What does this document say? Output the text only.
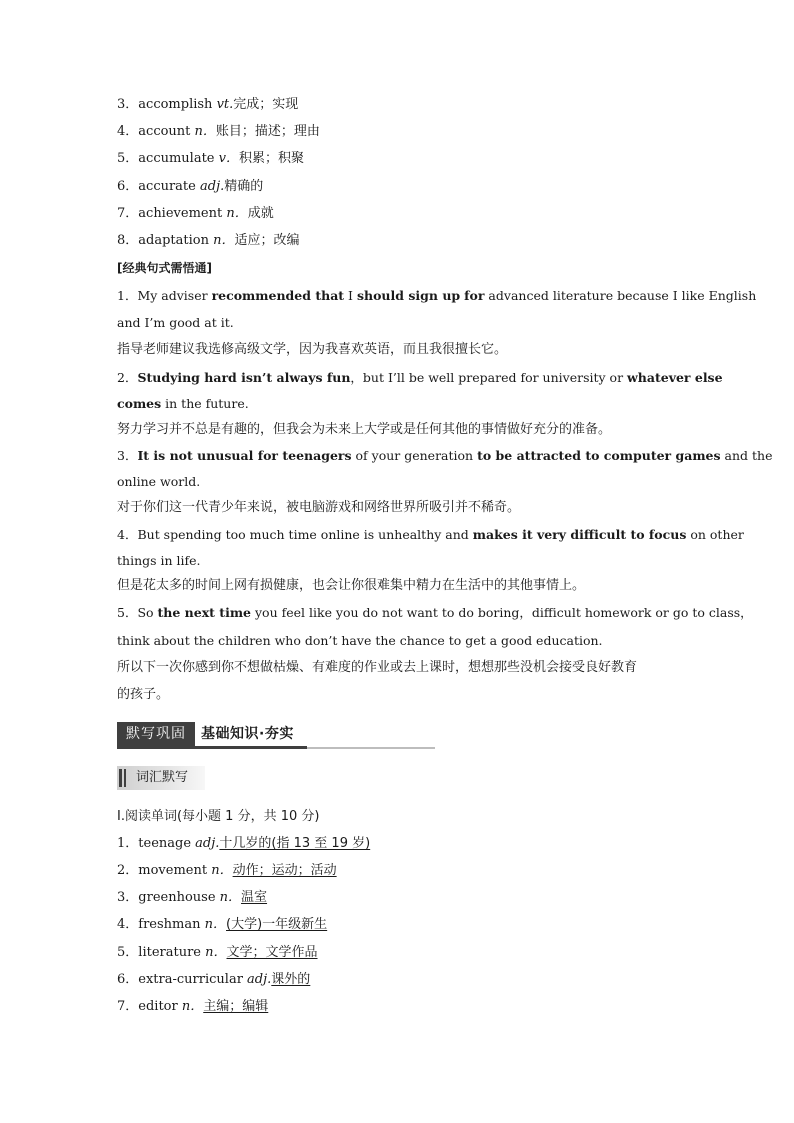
3．accomplish vt.完成；实现
4．account n．账目；描述；理由
5．accumulate v．积累；积聚
6．accurate adj.精确的
7．achievement n．成就
8．adaptation n．适应；改编
[经典句式需悟通]
1．My adviser recommended that I should sign up for advanced literature because I like English
and I’m good at it.
指导老师建议我选修高级文学，因为我喜欢英语，而且我很擅长它。
2．Studying hard isn’t always fun，but I’ll be well prepared for university or whatever else
comes in the future.
努力学习并不总是有趣的，但我会为未来上大学或是任何其他的事情做好充分的准备。
3．It is not unusual for teenagers of your generation to be attracted to computer games and the
online world.
对于你们这一代青少年来说，被电脑游戏和网络世界所吸引并不稀奇。
4．But spending too much time online is unhealthy and makes it very difficult to focus on other
things in life.
但是花太多的时间上网有损健康，也会让你很难集中精力在生活中的其他事情上。
5．So the next time you feel like you do not want to do boring，difficult homework or go to class，
think about the children who don’t have the chance to get a good education.
所以下一次你感到你不想做枯燥、有难度的作业或去上课时，想想那些没机会接受良好教育
的孩子。
默写巩固	基础知识·夯实
词汇默写
Ⅰ.阅读单词(每小题 1 分，共 10 分)
1．teenage adj.十几岁的(指 13 至 19 岁)
2．movement n．动作；运动；活动
3．greenhouse n．温室
4．freshman n．(大学)一年级新生
5．literature n．文学；文学作品
6．extra-curricular adj.课外的
7．editor n．主编；编辑
